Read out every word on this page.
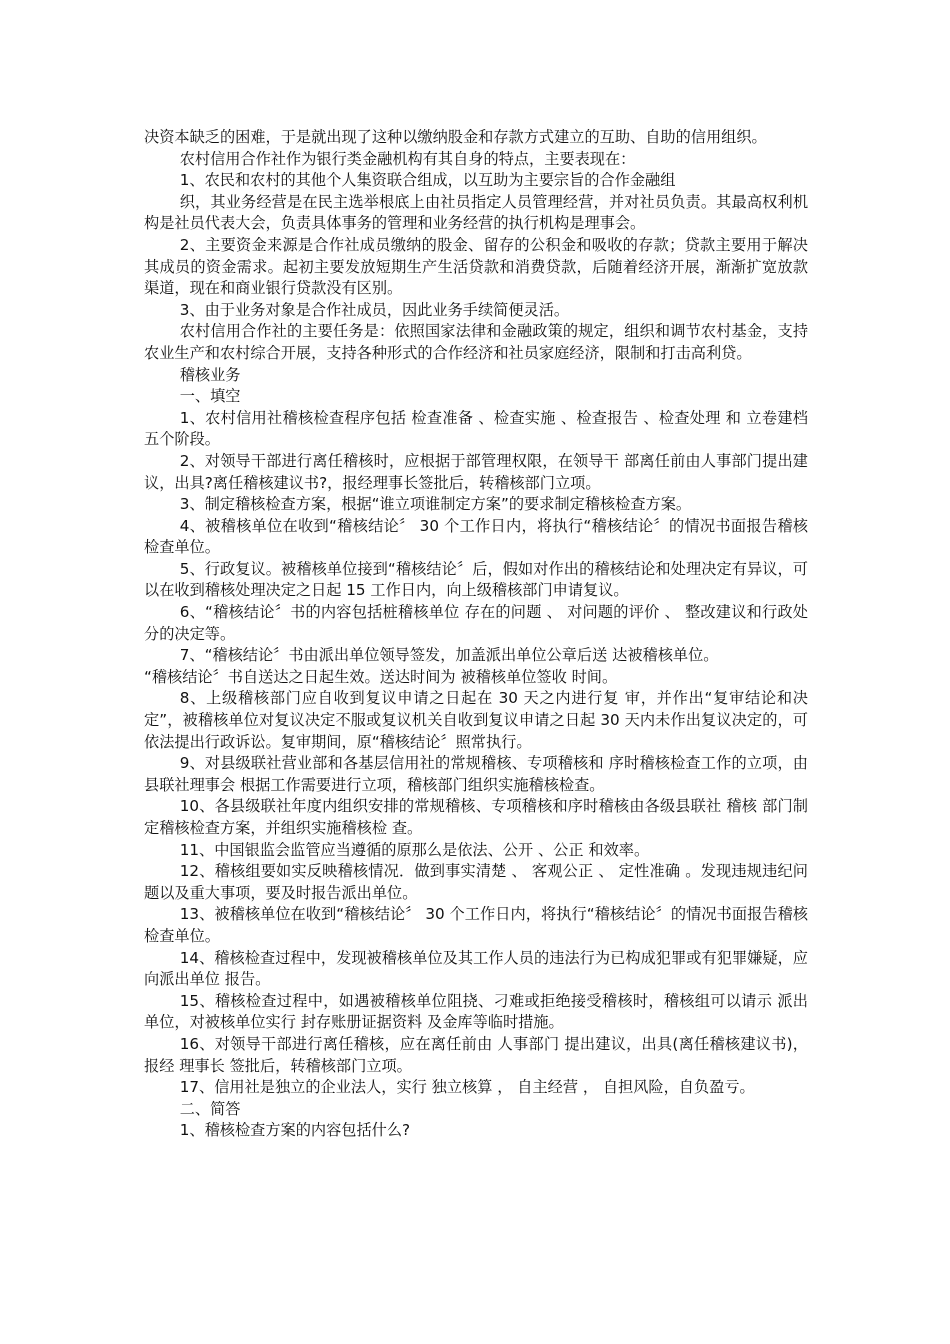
决资本缺乏的困难，于是就出现了这种以缴纳股金和存款方式建立的互助、自助的信用组织。

农村信用合作社作为银行类金融机构有其自身的特点，主要表现在：

1、农民和农村的其他个人集资联合组成，以互助为主要宗旨的合作金融组

织，其业务经营是在民主选举根底上由社员指定人员管理经营，并对社员负责。其最高权利机构是社员代表大会，负责具体事务的管理和业务经营的执行机构是理事会。

2、主要资金来源是合作社成员缴纳的股金、留存的公积金和吸收的存款；贷款主要用于解决其成员的资金需求。起初主要发放短期生产生活贷款和消费贷款，后随着经济开展，渐渐扩宽放款渠道，现在和商业银行贷款没有区别。

3、由于业务对象是合作社成员，因此业务手续简便灵活。

农村信用合作社的主要任务是：依照国家法律和金融政策的规定，组织和调节农村基金，支持农业生产和农村综合开展，支持各种形式的合作经济和社员家庭经济，限制和打击高利贷。

稽核业务

一、填空

1、农村信用社稽核检查程序包括 检查准备 、检查实施 、检查报告 、检查处理 和 立卷建档五个阶段。

2、对领导干部进行离任稽核时，应根据于部管理权限，在领导干 部离任前由人事部门提出建议，出具?离任稽核建议书?，报经理事长签批后，转稽核部门立项。

3、制定稽核检查方案，根据“谁立项谁制定方案”的要求制定稽核检查方案。

4、被稽核单位在收到“稽核结论〞 30 个工作日内，将执行“稽核结论〞的情况书面报告稽核检查单位。

5、行政复议。被稽核单位接到“稽核结论〞后，假如对作出的稽核结论和处理决定有异议，可以在收到稽核处理决定之日起 15 工作日内，向上级稽核部门申请复议。

6、“稽核结论〞书的内容包括桩稽核单位 存在的问题 、 对问题的评价 、 整改建议和行政处分的决定等。

7、“稽核结论〞书由派出单位领导签发，加盖派出单位公章后送 达被稽核单位。

“稽核结论〞书自送达之日起生效。送达时间为 被稽核单位签收 时间。

8、上级稽核部门应自收到复议申请之日起在 30 天之内进行复 审，并作出“复审结论和决定”，被稽核单位对复议决定不服或复议机关自收到复议申请之日起 30 天内未作出复议决定的，可依法提出行政诉讼。复审期间，原“稽核结论〞照常执行。

9、对县级联社营业部和各基层信用社的常规稽核、专项稽核和 序时稽核检查工作的立项，由 县联社理事会 根据工作需要进行立项，稽核部门组织实施稽核检查。

10、各县级联社年度内组织安排的常规稽核、专项稽核和序时稽核由各级县联社 稽核 部门制定稽核检查方案，并组织实施稽核检 查。

11、中国银监会监管应当遵循的原那么是依法、公开 、公正 和效率。

12、稽核组要如实反映稽核情况．做到事实清楚 、 客观公正 、 定性准确 。发现违规违纪问题以及重大事项，要及时报告派出单位。

13、被稽核单位在收到“稽核结论〞 30 个工作日内，将执行“稽核结论〞的情况书面报告稽核检查单位。

14、稽核检查过程中，发现被稽核单位及其工作人员的违法行为已构成犯罪或有犯罪嫌疑，应 向派出单位 报告。

15、稽核检查过程中，如遇被稽核单位阻挠、刁难或拒绝接受稽核时，稽核组可以请示 派出 单位，对被核单位实行 封存账册证据资料 及金库等临时措施。

16、对领导干部进行离任稽核，应在离任前由 人事部门 提出建议，出具(离任稽核建议书)，报经 理事长 签批后，转稽核部门立项。

17、信用社是独立的企业法人，实行 独立核算 ， 自主经营 ， 自担风险，自负盈亏。

二、简答

1、稽核检查方案的内容包括什么?
